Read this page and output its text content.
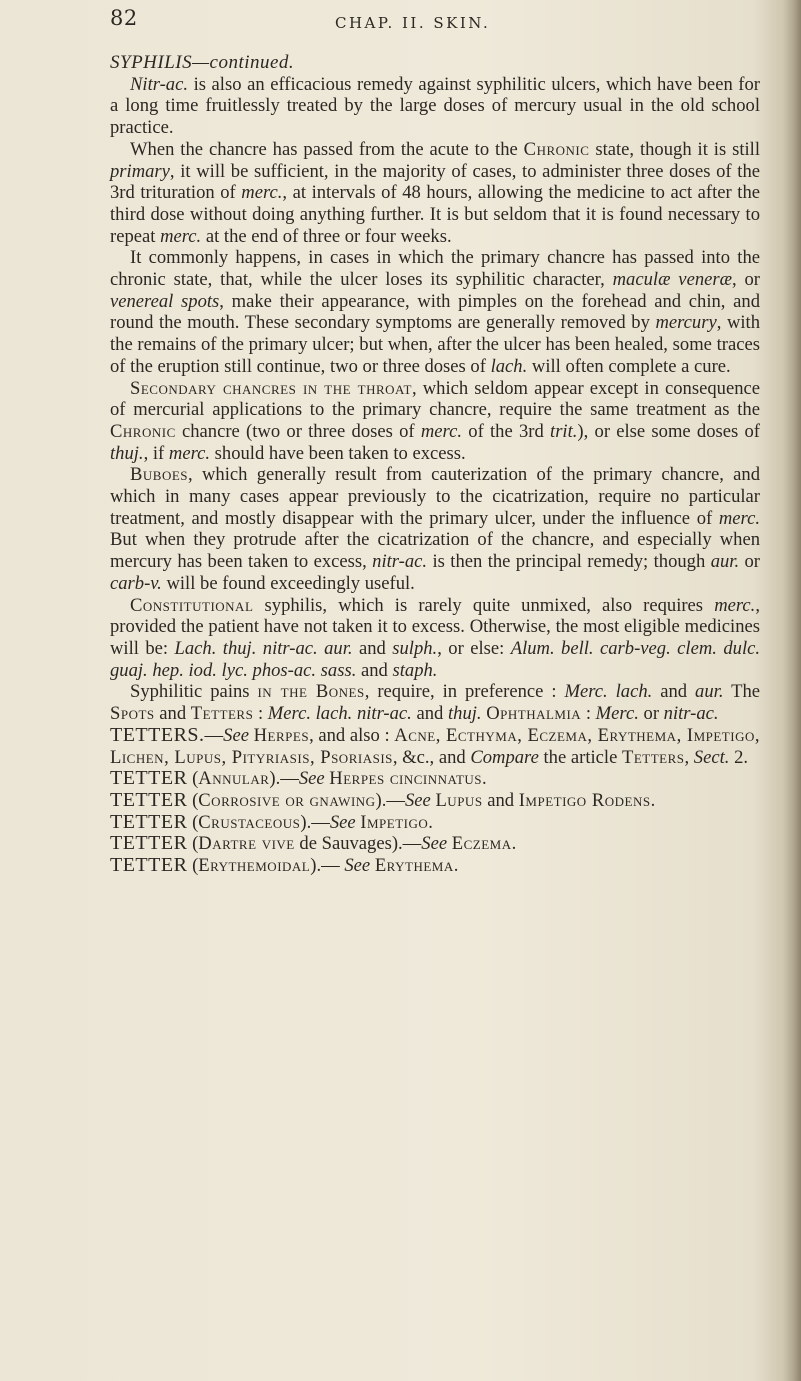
82	CHAP. II. SKIN.

SYPHILIS—continued.

Nitr-ac. is also an efficacious remedy against syphilitic ulcers, which have been for a long time fruitlessly treated by the large doses of mercury usual in the old school practice.

When the chancre has passed from the acute to the Chronic state, though it is still primary, it will be sufficient, in the majority of cases, to administer three doses of the 3rd trituration of merc., at intervals of 48 hours, allowing the medicine to act after the third dose without doing anything further. It is but seldom that it is found necessary to repeat merc. at the end of three or four weeks.

It commonly happens, in cases in which the primary chancre has passed into the chronic state, that, while the ulcer loses its syphilitic character, maculæ veneræ, or venereal spots, make their appearance, with pimples on the forehead and chin, and round the mouth. These secondary symptoms are generally removed by mercury, with the remains of the primary ulcer; but when, after the ulcer has been healed, some traces of the eruption still continue, two or three doses of lach. will often complete a cure.

Secondary chancres in the throat, which seldom appear except in consequence of mercurial applications to the primary chancre, require the same treatment as the Chronic chancre (two or three doses of merc. of the 3rd trit.), or else some doses of thuj., if merc. should have been taken to excess.

Buboes, which generally result from cauterization of the primary chancre, and which in many cases appear previously to the cicatrization, require no particular treatment, and mostly disappear with the primary ulcer, under the influence of merc. But when they protrude after the cicatrization of the chancre, and especially when mercury has been taken to excess, nitr-ac. is then the principal remedy; though aur. or carb-v. will be found exceedingly useful.

Constitutional syphilis, which is rarely quite unmixed, also requires merc., provided the patient have not taken it to excess. Otherwise, the most eligible medicines will be: Lach. thuj. nitr-ac. aur. and sulph., or else: Alum. bell. carb-veg. clem. dulc. guaj. hep. iod. lyc. phos-ac. sass. and staph.

Syphilitic pains in the Bones, require, in preference : Merc. lach. and aur. The Spots and Tetters : Merc. lach. nitr-ac. and thuj. Ophthalmia : Merc. or nitr-ac.

TETTERS.—See Herpes, and also : Acne, Ecthyma, Eczema, Erythema, Impetigo, Lichen, Lupus, Pityriasis, Psoriasis, &c., and Compare the article Tetters, Sect. 2.

TETTER (Annular).—See Herpes cincinnatus.

TETTER (Corrosive or gnawing).—See Lupus and Impetigo Rodens.

TETTER (Crustaceous).—See Impetigo.

TETTER (Dartre vive de Sauvages).—See Eczema.

TETTER (Erythemoidal).— See Erythema.
